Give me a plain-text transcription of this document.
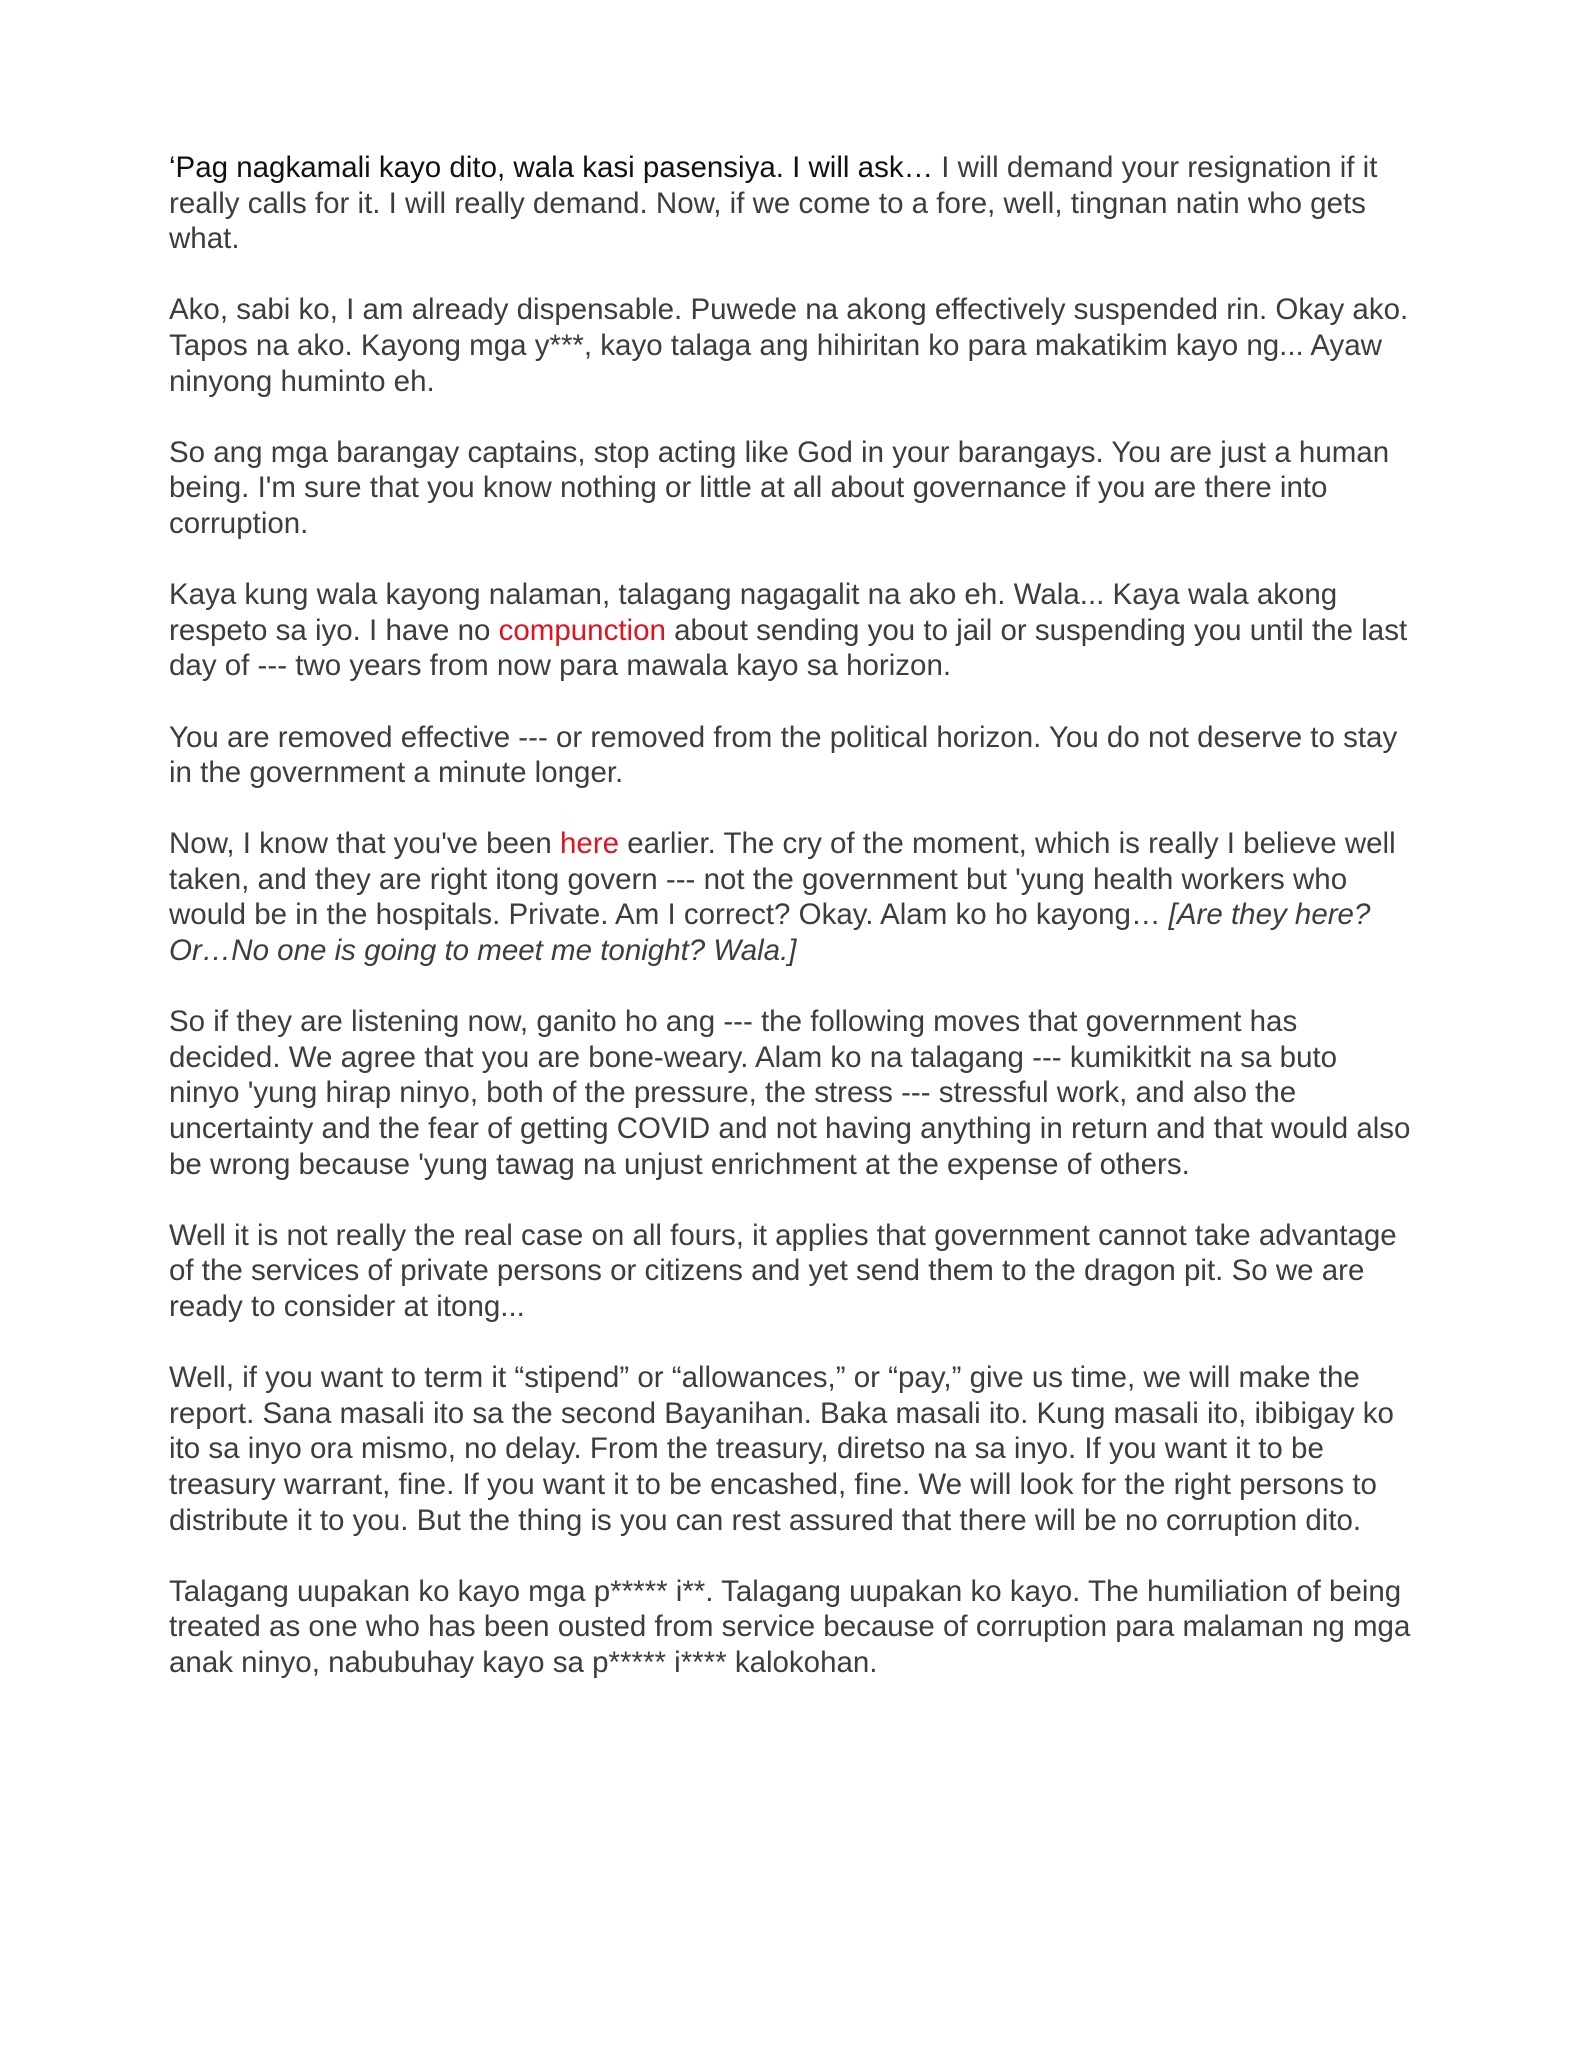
‘Pag nagkamali kayo dito, wala kasi pasensiya. I will ask… I will demand your resignation if it really calls for it. I will really demand. Now, if we come to a fore, well, tingnan natin who gets what.

Ako, sabi ko, I am already dispensable. Puwede na akong effectively suspended rin. Okay ako. Tapos na ako. Kayong mga y***, kayo talaga ang hihiritan ko para makatikim kayo ng... Ayaw ninyong huminto eh.

So ang mga barangay captains, stop acting like God in your barangays. You are just a human being. I'm sure that you know nothing or little at all about governance if you are there into corruption.

Kaya kung wala kayong nalaman, talagang nagagalit na ako eh. Wala... Kaya wala akong respeto sa iyo. I have no compunction about sending you to jail or suspending you until the last day of --- two years from now para mawala kayo sa horizon.

You are removed effective --- or removed from the political horizon. You do not deserve to stay in the government a minute longer.

Now, I know that you've been here earlier. The cry of the moment, which is really I believe well taken, and they are right itong govern --- not the government but 'yung health workers who would be in the hospitals. Private. Am I correct? Okay. Alam ko ho kayong… [Are they here? Or…No one is going to meet me tonight? Wala.]

So if they are listening now, ganito ho ang --- the following moves that government has decided. We agree that you are bone-weary. Alam ko na talagang --- kumikitkit na sa buto ninyo 'yung hirap ninyo, both of the pressure, the stress --- stressful work, and also the uncertainty and the fear of getting COVID and not having anything in return and that would also be wrong because 'yung tawag na unjust enrichment at the expense of others.

Well it is not really the real case on all fours, it applies that government cannot take advantage of the services of private persons or citizens and yet send them to the dragon pit. So we are ready to consider at itong...

Well, if you want to term it “stipend” or “allowances,” or “pay,” give us time, we will make the report. Sana masali ito sa the second Bayanihan. Baka masali ito. Kung masali ito, ibibigay ko ito sa inyo ora mismo, no delay. From the treasury, diretso na sa inyo. If you want it to be treasury warrant, fine. If you want it to be encashed, fine. We will look for the right persons to distribute it to you. But the thing is you can rest assured that there will be no corruption dito.

Talagang uupakan ko kayo mga p***** i**. Talagang uupakan ko kayo. The humiliation of being treated as one who has been ousted from service because of corruption para malaman ng mga anak ninyo, nabubuhay kayo sa p***** i**** kalokohan.
